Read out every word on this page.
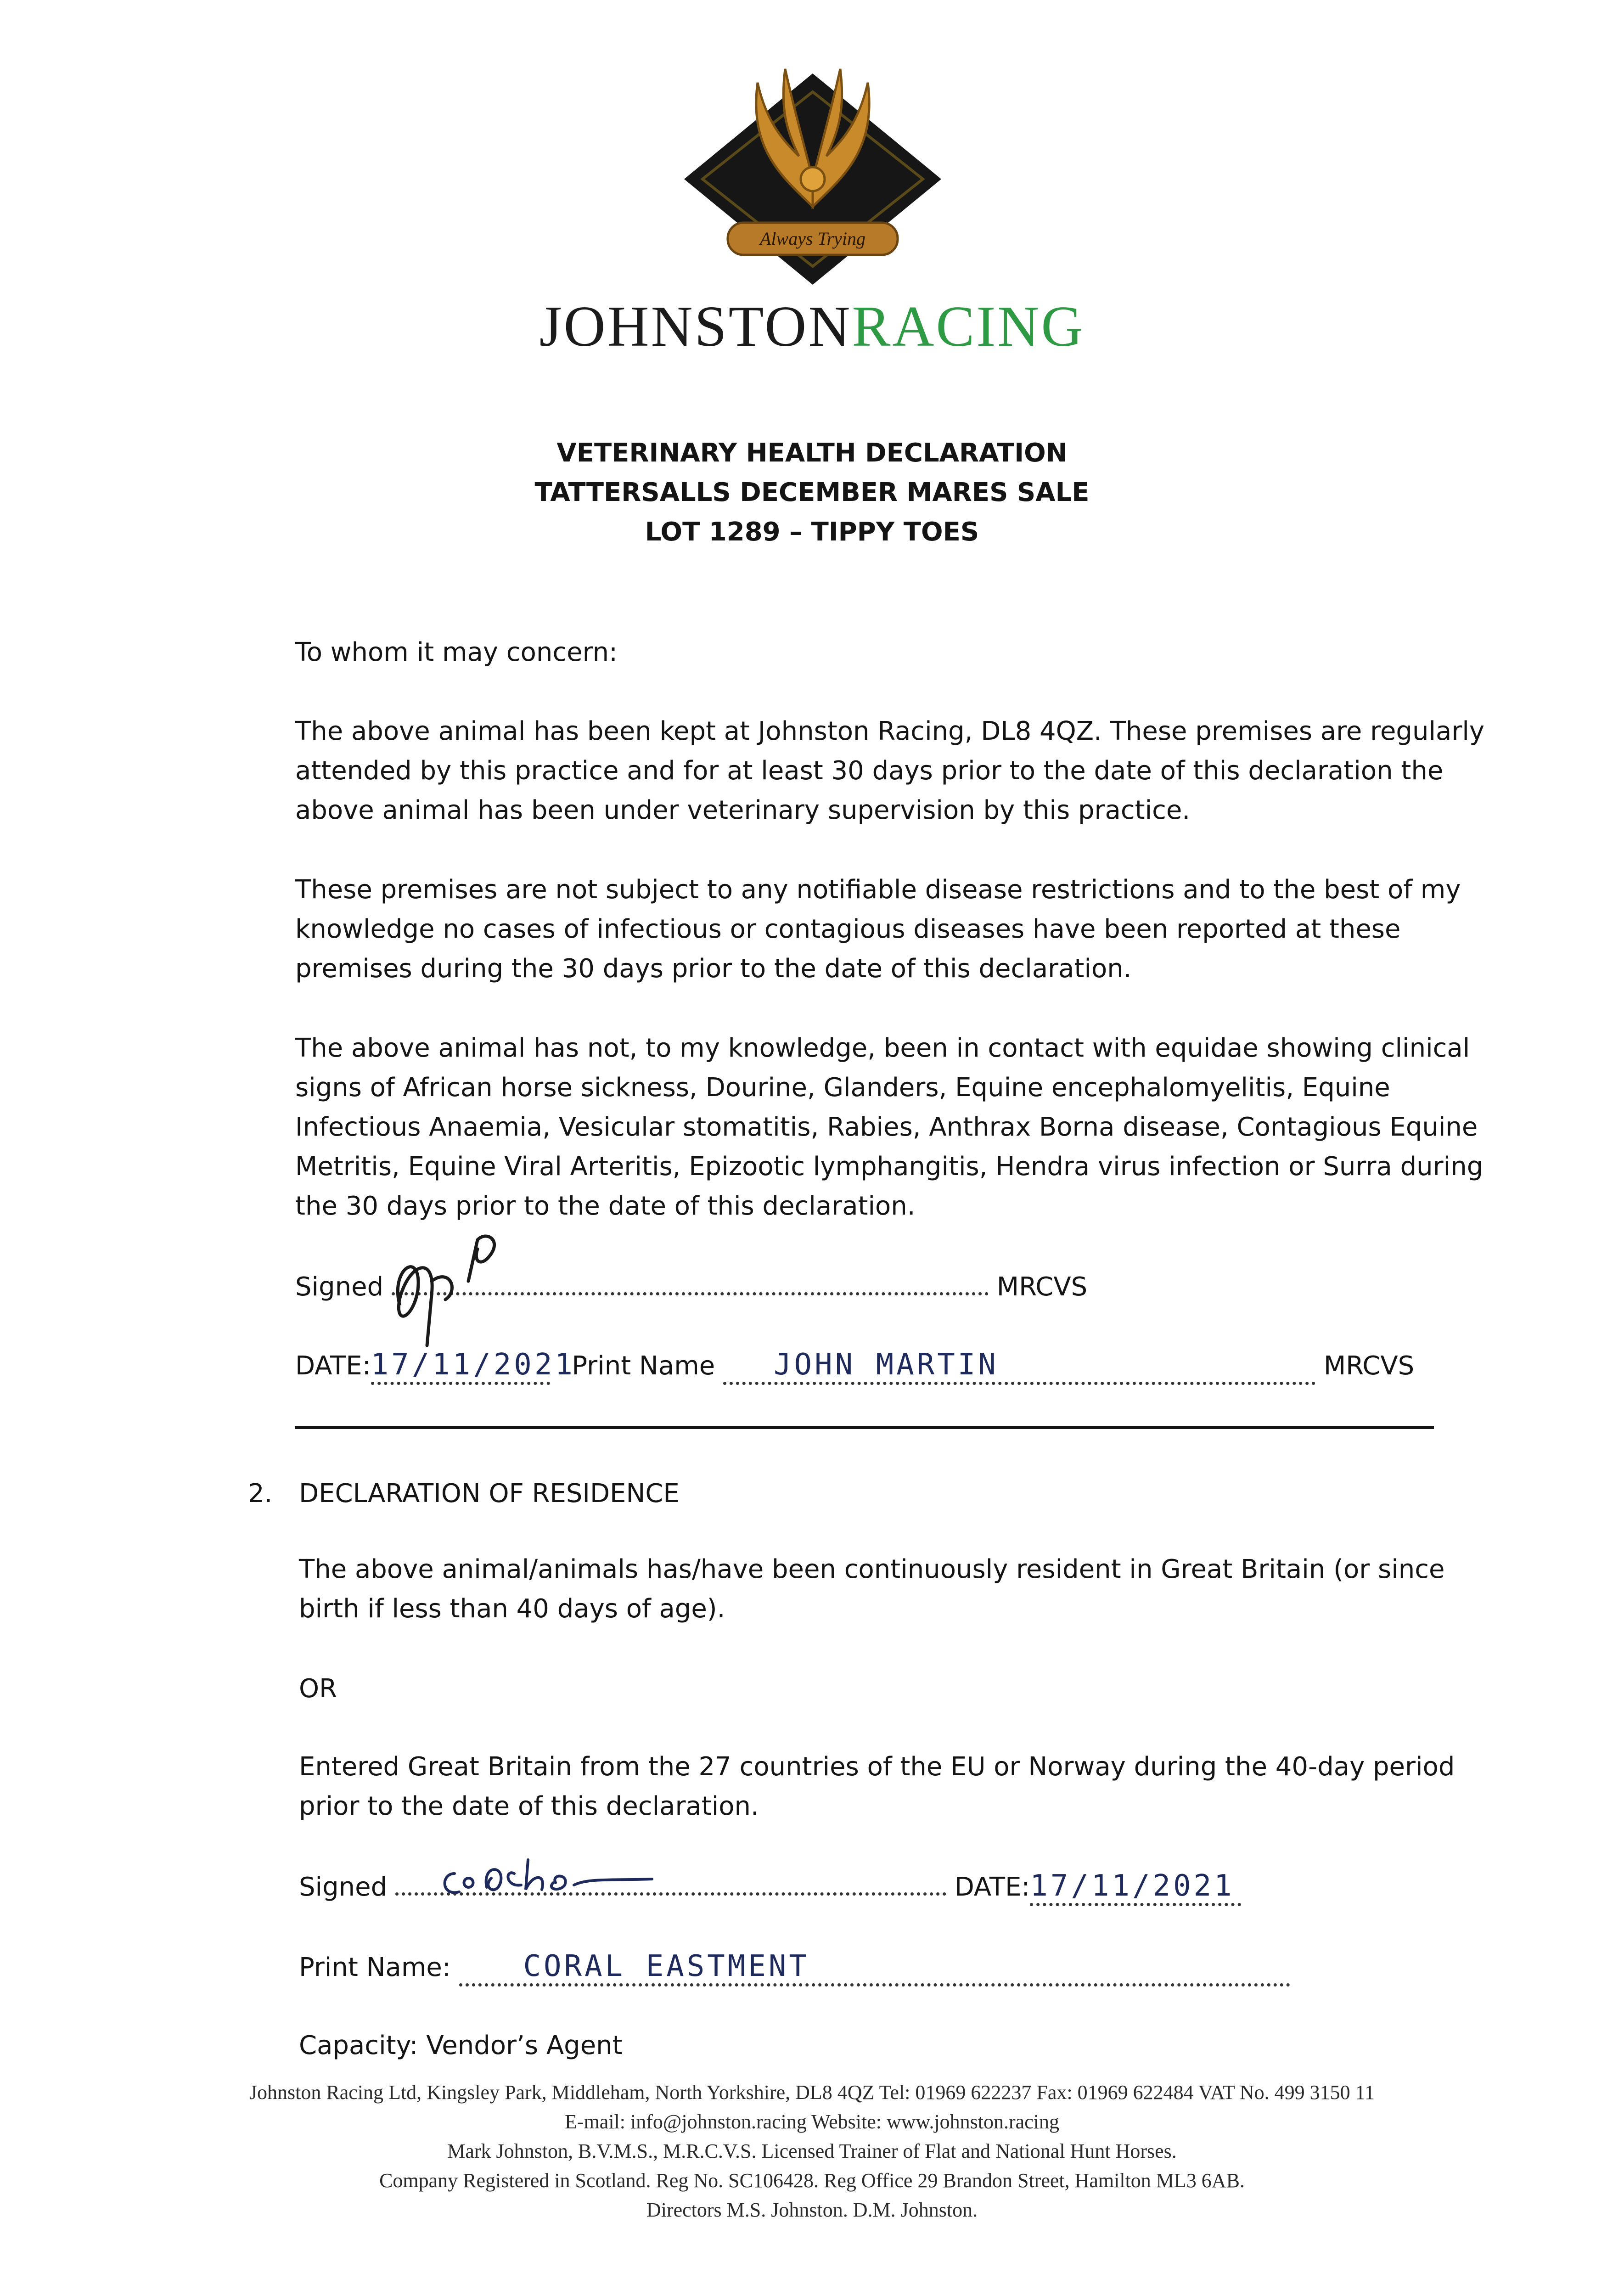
Always Trying
JOHNSTONRACING
VETERINARY HEALTH DECLARATION
TATTERSALLS DECEMBER MARES SALE
LOT 1289 – TIPPY TOES
To whom it may concern:
The above animal has been kept at Johnston Racing, DL8 4QZ. These premises are regularly
attended by this practice and for at least 30 days prior to the date of this declaration the
above animal has been under veterinary supervision by this practice.
These premises are not subject to any notifiable disease restrictions and to the best of my
knowledge no cases of infectious or contagious diseases have been reported at these
premises during the 30 days prior to the date of this declaration.
The above animal has not, to my knowledge, been in contact with equidae showing clinical
signs of African horse sickness, Dourine, Glanders, Equine encephalomyelitis, Equine
Infectious Anaemia, Vesicular stomatitis, Rabies, Anthrax Borna disease, Contagious Equine
Metritis, Equine Viral Arteritis, Epizootic lymphangitis, Hendra virus infection or Surra during
the 30 days prior to the date of this declaration.
Signed	MRCVS
DATE:17/11/2021 Print Name JOHN MARTIN	MRCVS
2. DECLARATION OF RESIDENCE
The above animal/animals has/have been continuously resident in Great Britain (or since
birth if less than 40 days of age).
OR
Entered Great Britain from the 27 countries of the EU or Norway during the 40-day period
prior to the date of this declaration.
Signed	DATE:17/11/2021
Print Name: CORAL EASTMENT
Capacity: Vendor’s Agent
Johnston Racing Ltd, Kingsley Park, Middleham, North Yorkshire, DL8 4QZ Tel: 01969 622237 Fax: 01969 622484 VAT No. 499 3150 11
E-mail: info@johnston.racing Website: www.johnston.racing
Mark Johnston, B.V.M.S., M.R.C.V.S. Licensed Trainer of Flat and National Hunt Horses.
Company Registered in Scotland. Reg No. SC106428. Reg Office 29 Brandon Street, Hamilton ML3 6AB.
Directors M.S. Johnston. D.M. Johnston.
